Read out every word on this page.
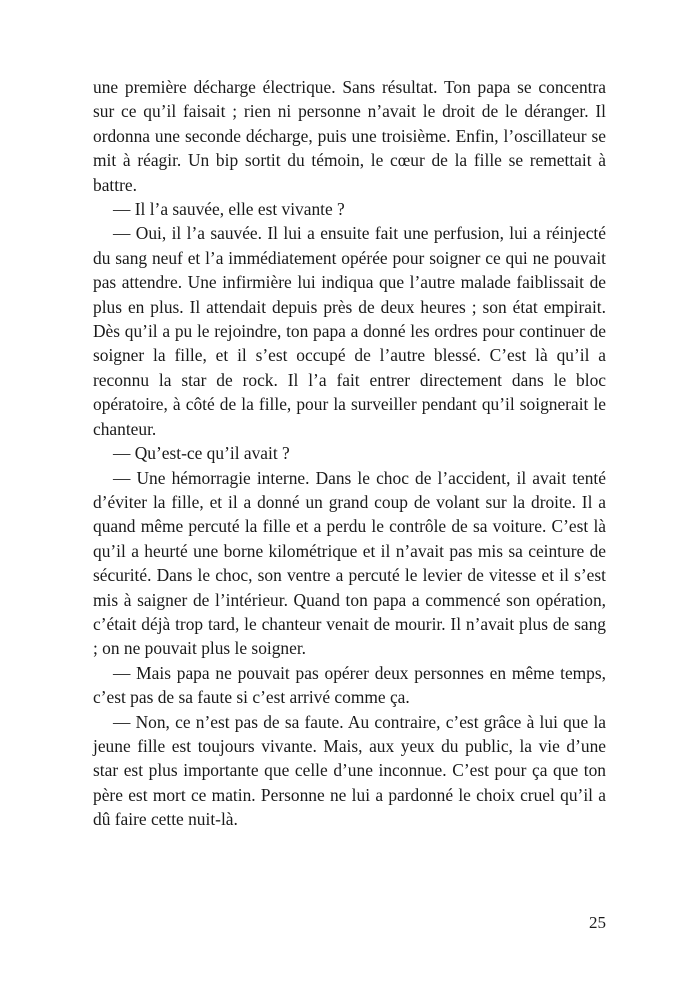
une première décharge électrique. Sans résultat. Ton papa se concentra sur ce qu’il faisait ; rien ni personne n’avait le droit de le déranger. Il ordonna une seconde décharge, puis une troisième. Enfin, l’oscillateur se mit à réagir. Un bip sortit du témoin, le cœur de la fille se remettait à battre.

— Il l’a sauvée, elle est vivante ?

— Oui, il l’a sauvée. Il lui a ensuite fait une perfusion, lui a réinjecté du sang neuf et l’a immédiatement opérée pour soigner ce qui ne pouvait pas attendre. Une infirmière lui indiqua que l’autre malade faiblissait de plus en plus. Il attendait depuis près de deux heures ; son état empirait. Dès qu’il a pu le rejoindre, ton papa a donné les ordres pour continuer de soigner la fille, et il s’est occupé de l’autre blessé. C’est là qu’il a reconnu la star de rock. Il l’a fait entrer directement dans le bloc opératoire, à côté de la fille, pour la surveiller pendant qu’il soignerait le chanteur.

— Qu’est-ce qu’il avait ?

— Une hémorragie interne. Dans le choc de l’accident, il avait tenté d’éviter la fille, et il a donné un grand coup de volant sur la droite. Il a quand même percuté la fille et a perdu le contrôle de sa voiture. C’est là qu’il a heurté une borne kilométrique et il n’avait pas mis sa ceinture de sécurité. Dans le choc, son ventre a percuté le levier de vitesse et il s’est mis à saigner de l’intérieur. Quand ton papa a commencé son opération, c’était déjà trop tard, le chanteur venait de mourir. Il n’avait plus de sang ; on ne pouvait plus le soigner.

— Mais papa ne pouvait pas opérer deux personnes en même temps, c’est pas de sa faute si c’est arrivé comme ça.

— Non, ce n’est pas de sa faute. Au contraire, c’est grâce à lui que la jeune fille est toujours vivante. Mais, aux yeux du public, la vie d’une star est plus importante que celle d’une inconnue. C’est pour ça que ton père est mort ce matin. Personne ne lui a pardonné le choix cruel qu’il a dû faire cette nuit-là.

25
